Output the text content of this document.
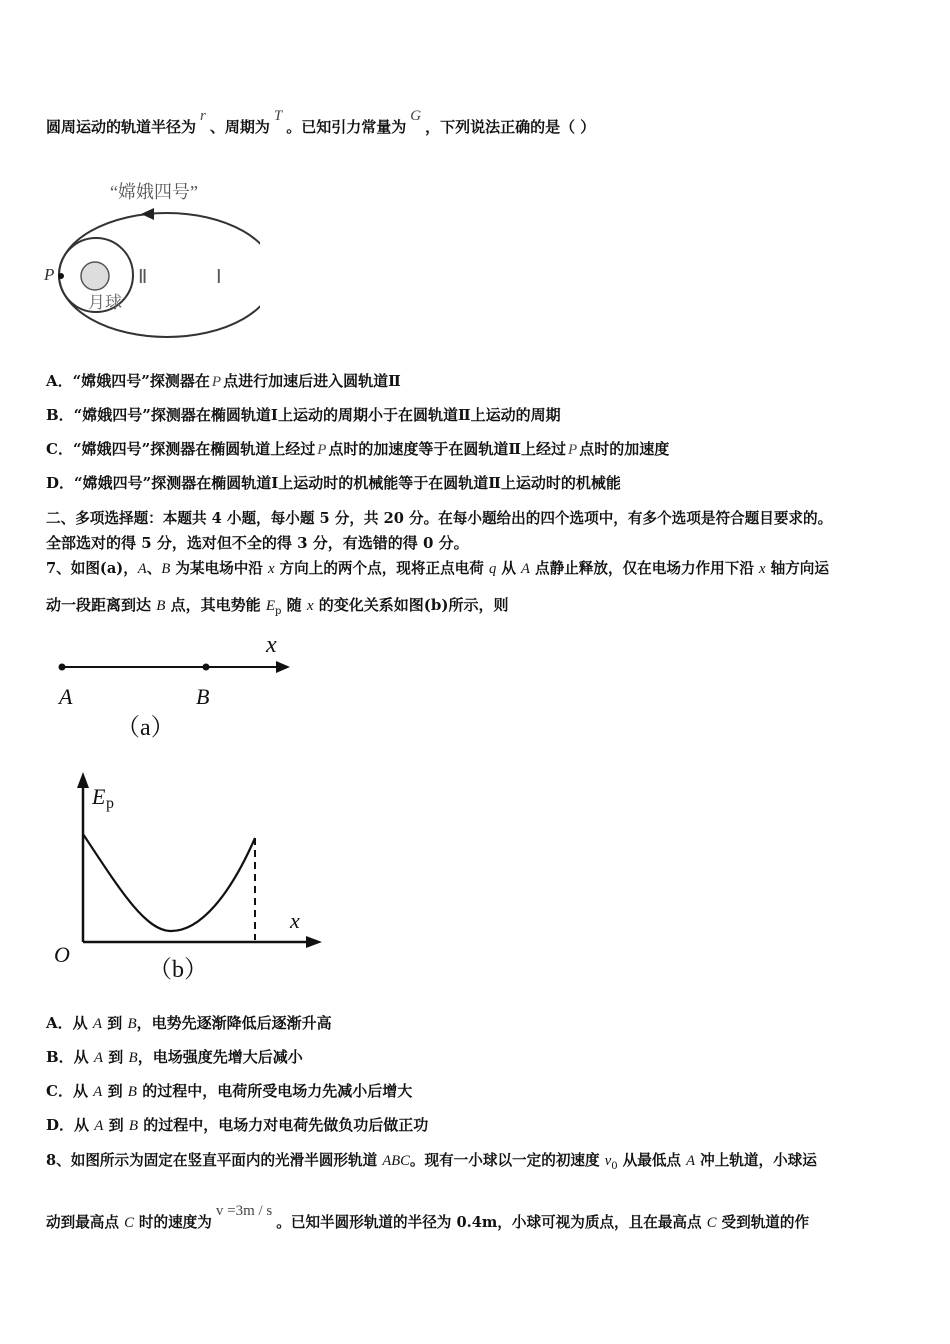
圆周运动的轨道半径为r、周期为T。已知引力常量为G，下列说法正确的是（ ）
“嫦娥四号”
P	Ⅱ	Ⅰ
月球
A．“嫦娥四号”探测器在 P 点进行加速后进入圆轨道Ⅱ
B．“嫦娥四号”探测器在椭圆轨道Ⅰ上运动的周期小于在圆轨道Ⅱ上运动的周期
C．“嫦娥四号”探测器在椭圆轨道上经过 P 点时的加速度等于在圆轨道Ⅱ上经过 P 点时的加速度
D．“嫦娥四号”探测器在椭圆轨道Ⅰ上运动时的机械能等于在圆轨道Ⅱ上运动时的机械能
二、多项选择题：本题共 4 小题，每小题 5 分，共 20 分。在每小题给出的四个选项中，有多个选项是符合题目要求的。
全部选对的得 5 分，选对但不全的得 3 分，有选错的得 0 分。
7、如图(a)，A、B 为某电场中沿 x 方向上的两个点，现将正点电荷 q 从 A 点静止释放，仅在电场力作用下沿 x 轴方向运
动一段距离到达 B 点，其电势能 $E_p$ 随 x 的变化关系如图(b)所示，则
x
A	B
（a）
E p
x
O
（b）
A．从 A 到 B，电势先逐渐降低后逐渐升高
B．从 A 到 B，电场强度先增大后减小
C．从 A 到 B 的过程中，电荷所受电场力先减小后增大
D．从 A 到 B 的过程中，电场力对电荷先做负功后做正功
8、如图所示为固定在竖直平面内的光滑半圆形轨道 ABC。现有一小球以一定的初速度 $v_0$ 从最低点 A 冲上轨道，小球运
动到最高点 C 时的速度为v =3m / s。已知半圆形轨道的半径为 0.4m，小球可视为质点，且在最高点 C 受到轨道的作
